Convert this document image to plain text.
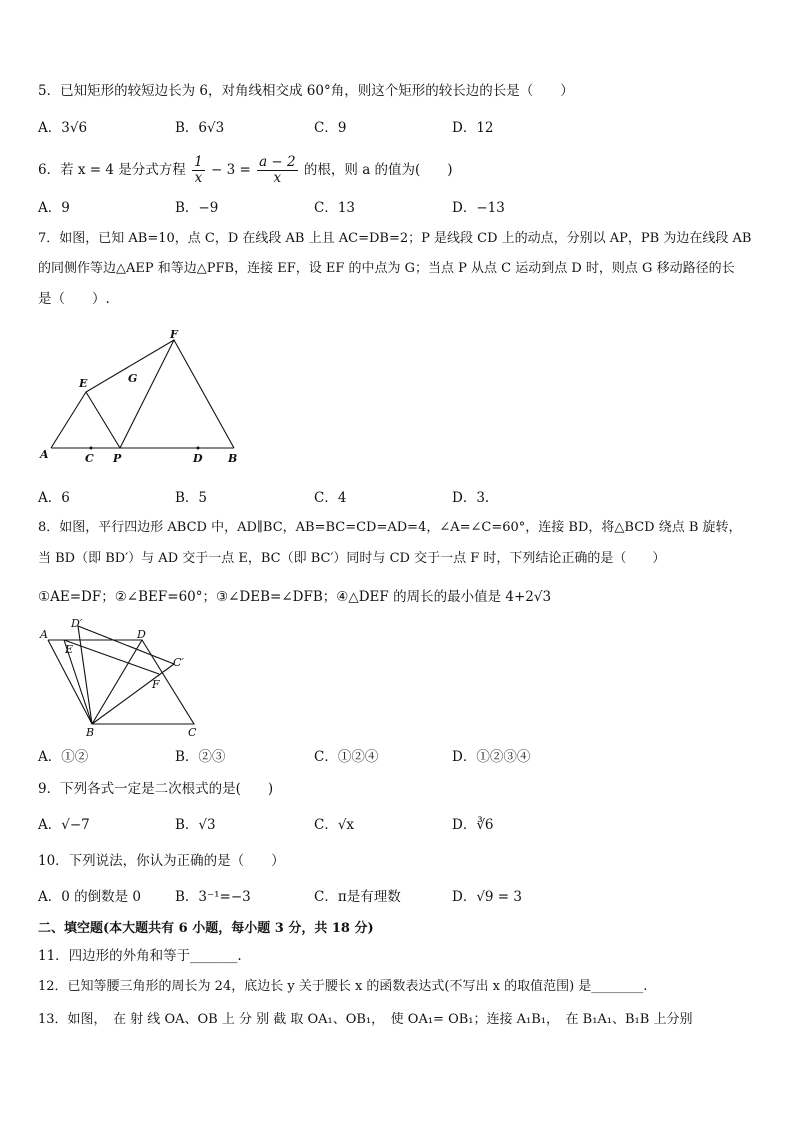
5．已知矩形的较短边长为 6，对角线相交成 60°角，则这个矩形的较长边的长是（　　）
A．3√6	B．6√3	C．9	D．12
6．若 x = 4 是分式方程 $\frac{1}{x} - 3 = \frac{a - 2}{x}$ 的根，则 a 的值为(　　)
A．9	B．−9	C．13	D．−13
7．如图，已知 AB=10，点 C，D 在线段 AB 上且 AC=DB=2；P 是线段 CD 上的动点，分别以 AP，PB 为边在线段 AB
的同侧作等边△AEP 和等边△PFB，连接 EF，设 EF 的中点为 G；当点 P 从点 C 运动到点 D 时，则点 G 移动路径的长
是（　　）.
A	C P	D B
E
F
G
A．6	B．5	C．4	D．3.
8．如图，平行四边形 ABCD 中，AD∥BC，AB=BC=CD=AD=4，∠A=∠C=60°，连接 BD，将△BCD 绕点 B 旋转，
当 BD（即 BD′）与 AD 交于一点 E，BC（即 BC′）同时与 CD 交于一点 F 时，下列结论正确的是（　　）
①AE=DF；②∠BEF=60°；③∠DEB=∠DFB；④△DEF 的周长的最小值是 4+2√3
A
D′
D
E
C′
F
B	C
A．①②	B．②③	C．①②④	D．①②③④
9．下列各式一定是二次根式的是(　　)
A．√−7	B．√3	C．√x	D．∛6
10．下列说法，你认为正确的是（　　）
A．0 的倒数是 0	B．3⁻¹=−3	C．π是有理数	D．√9 = 3
二、填空题(本大题共有 6 小题，每小题 3 分，共 18 分)
11．四边形的外角和等于_______.
12．已知等腰三角形的周长为 24，底边长 y 关于腰长 x 的函数表达式(不写出 x 的取值范围) 是________.
13．如图，　在 射 线 OA、OB 上 分 别 截 取 OA₁、OB₁，　使 OA₁= OB₁；连接 A₁B₁，　在 B₁A₁、B₁B 上分别
